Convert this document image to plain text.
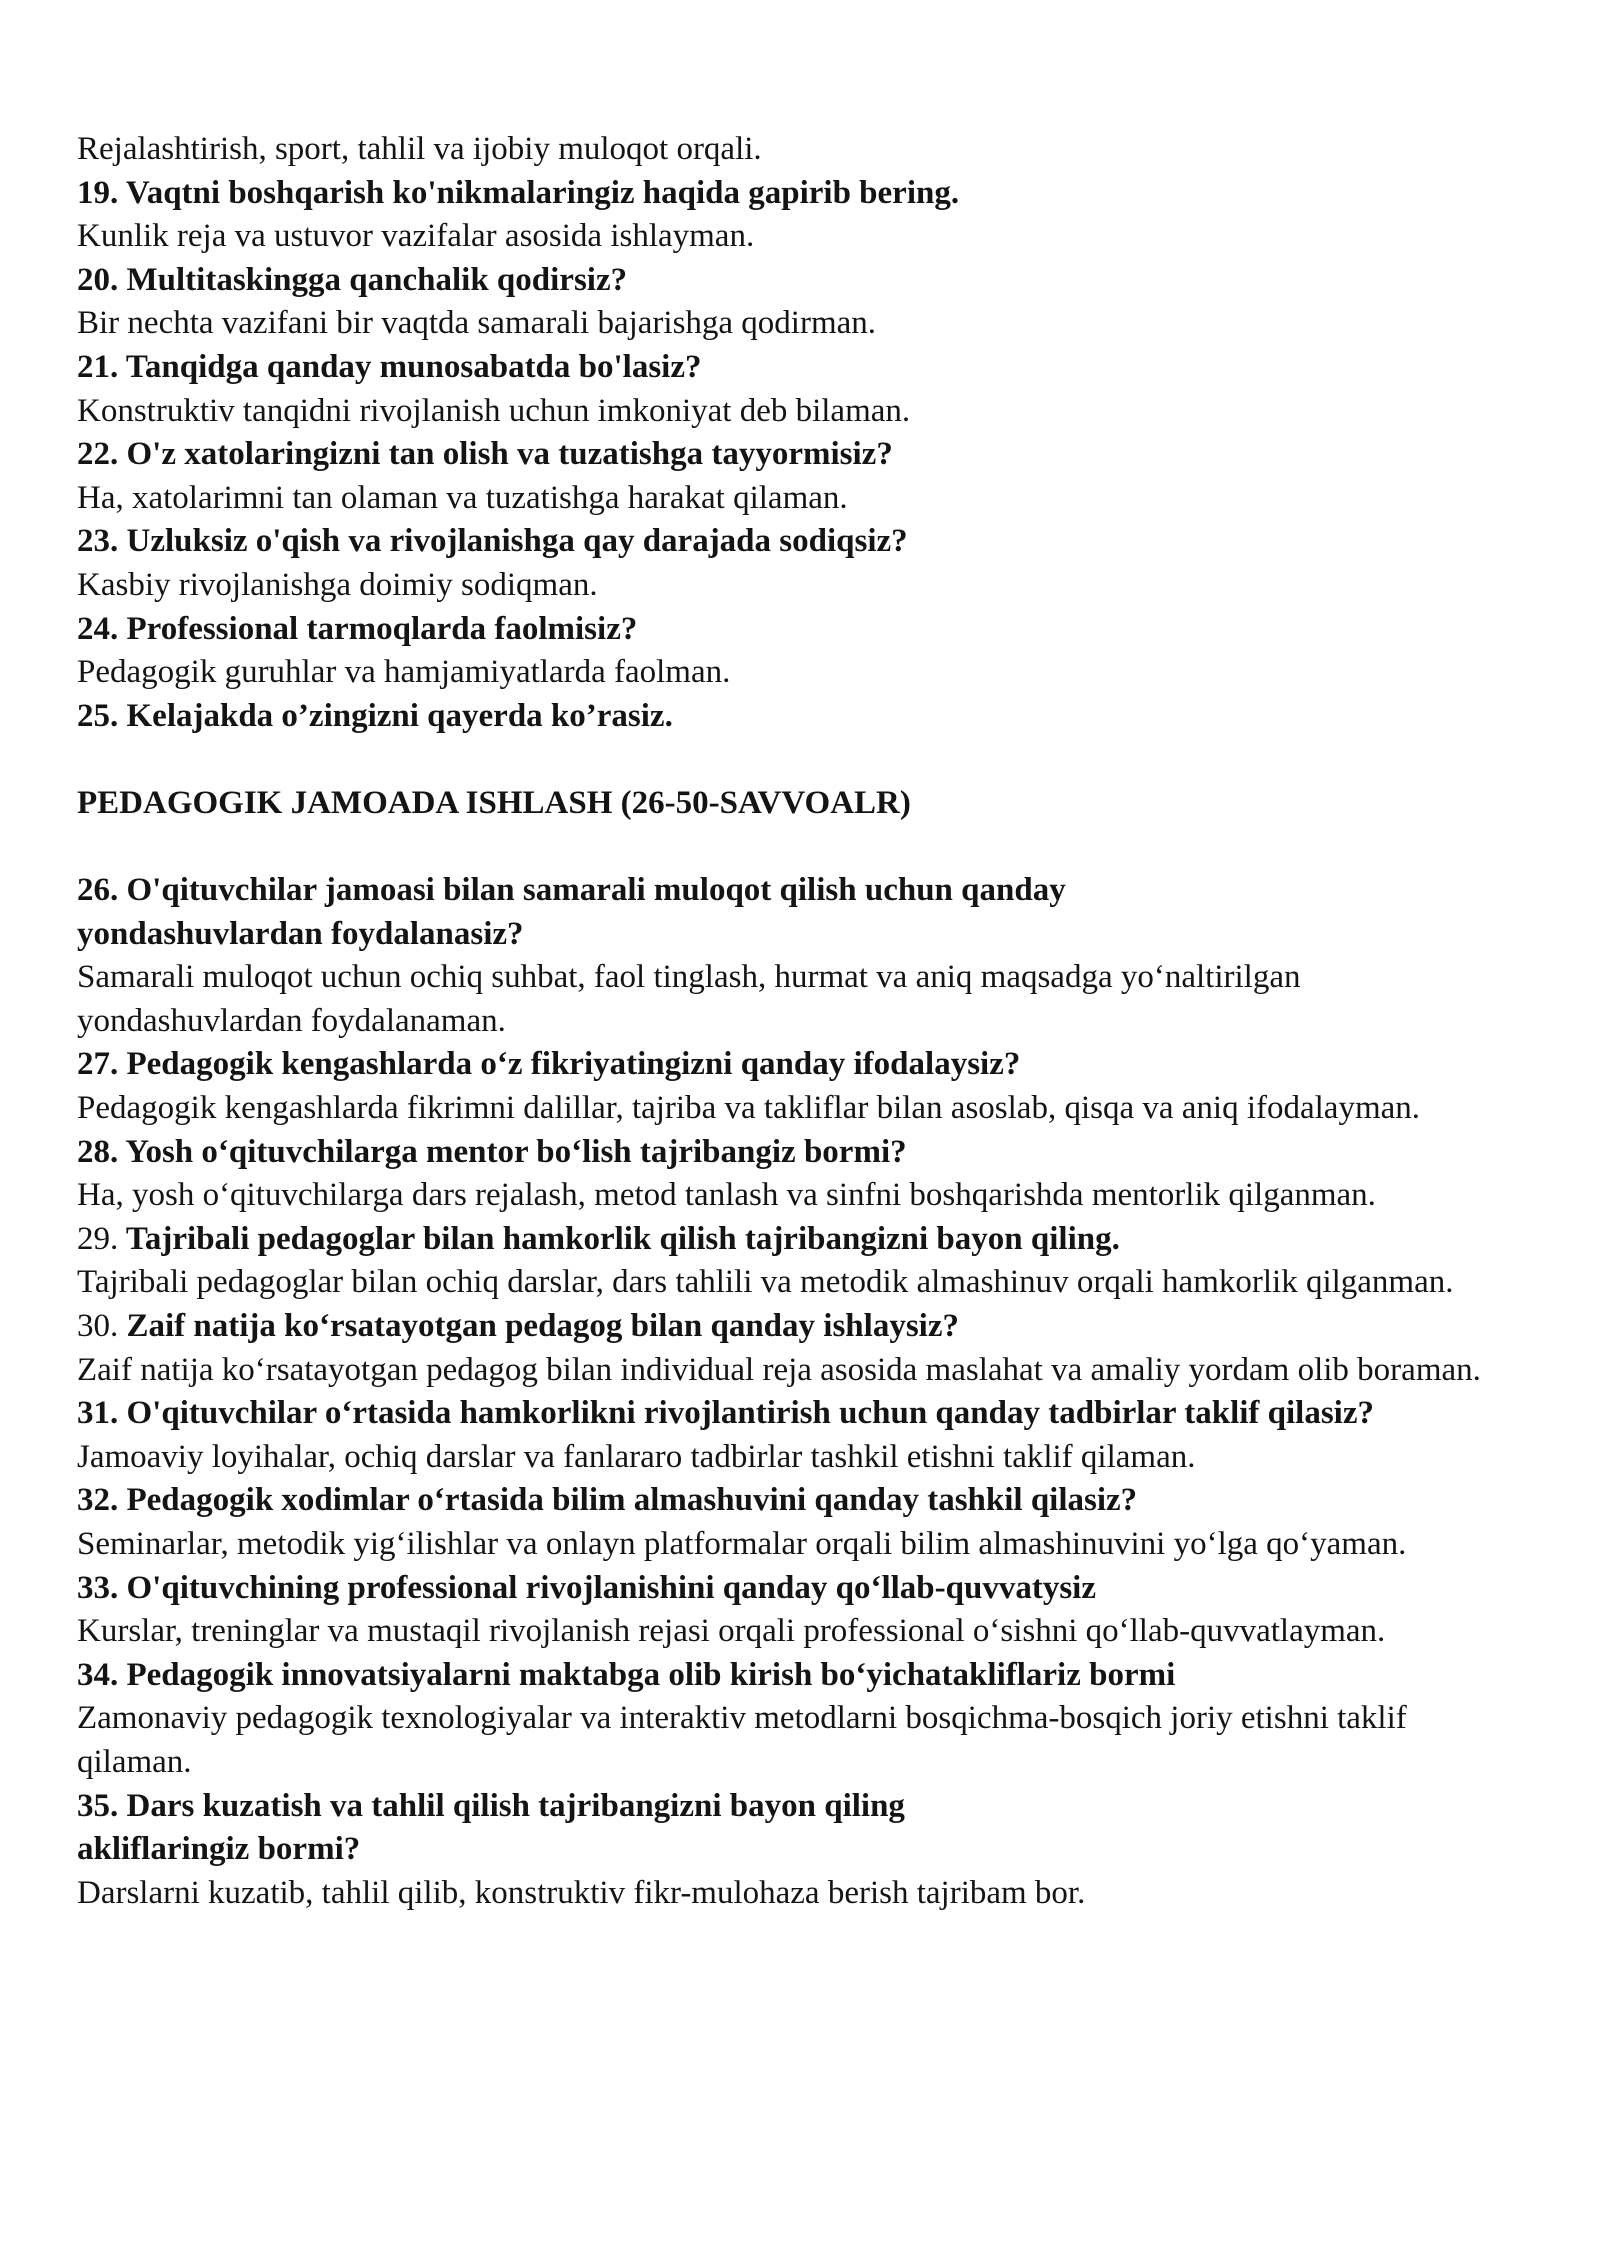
Rejalashtirish, sport, tahlil va ijobiy muloqot orqali.

19. Vaqtni boshqarish ko'nikmalaringiz haqida gapirib bering.

Kunlik reja va ustuvor vazifalar asosida ishlayman.

20. Multitaskingga qanchalik qodirsiz?

Bir nechta vazifani bir vaqtda samarali bajarishga qodirman.

21. Tanqidga qanday munosabatda bo'lasiz?

Konstruktiv tanqidni rivojlanish uchun imkoniyat deb bilaman.

22. O'z xatolaringizni tan olish va tuzatishga tayyormisiz?

Ha, xatolarimni tan olaman va tuzatishga harakat qilaman.

23. Uzluksiz o'qish va rivojlanishga qay darajada sodiqsiz?

Kasbiy rivojlanishga doimiy sodiqman.

24. Professional tarmoqlarda faolmisiz?

Pedagogik guruhlar va hamjamiyatlarda faolman.

25. Kelajakda o’zingizni qayerda ko’rasiz.

PEDAGOGIK JAMOADA ISHLASH (26-50-SAVVOALR)

26. O'qituvchilar jamoasi bilan samarali muloqot qilish uchun qanday

yondashuvlardan foydalanasiz?

Samarali muloqot uchun ochiq suhbat, faol tinglash, hurmat va aniq maqsadga yo‘naltirilgan yondashuvlardan foydalanaman.

27. Pedagogik kengashlarda o‘z fikriyatingizni qanday ifodalaysiz?

Pedagogik kengashlarda fikrimni dalillar, tajriba va takliflar bilan asoslab, qisqa va aniq ifodalayman.

28. Yosh o‘qituvchilarga mentor bo‘lish tajribangiz bormi?

Ha, yosh o‘qituvchilarga dars rejalash, metod tanlash va sinfni boshqarishda mentorlik qilganman.

29. Tajribali pedagoglar bilan hamkorlik qilish tajribangizni bayon qiling.

Tajribali pedagoglar bilan ochiq darslar, dars tahlili va metodik almashinuv orqali hamkorlik qilganman.

30. Zaif natija ko‘rsatayotgan pedagog bilan qanday ishlaysiz?

Zaif natija ko‘rsatayotgan pedagog bilan individual reja asosida maslahat va amaliy yordam olib boraman.

31. O'qituvchilar o‘rtasida hamkorlikni rivojlantirish uchun qanday tadbirlar taklif qilasiz?

Jamoaviy loyihalar, ochiq darslar va fanlararo tadbirlar tashkil etishni taklif qilaman.

32. Pedagogik xodimlar o‘rtasida bilim almashuvini qanday tashkil qilasiz?

Seminarlar, metodik yig‘ilishlar va onlayn platformalar orqali bilim almashinuvini yo‘lga qo‘yaman.

33. O'qituvchining professional rivojlanishini qanday qo‘llab-quvvatysiz

Kurslar, treninglar va mustaqil rivojlanish rejasi orqali professional o‘sishni qo‘llab-quvvatlayman.

34. Pedagogik innovatsiyalarni maktabga olib kirish bo‘yichatakliflariz bormi

Zamonaviy pedagogik texnologiyalar va interaktiv metodlarni bosqichma-bosqich joriy etishni taklif qilaman.

35. Dars kuzatish va tahlil qilish tajribangizni bayon qiling

akliflaringiz bormi?

Darslarni kuzatib, tahlil qilib, konstruktiv fikr-mulohaza berish tajribam bor.
